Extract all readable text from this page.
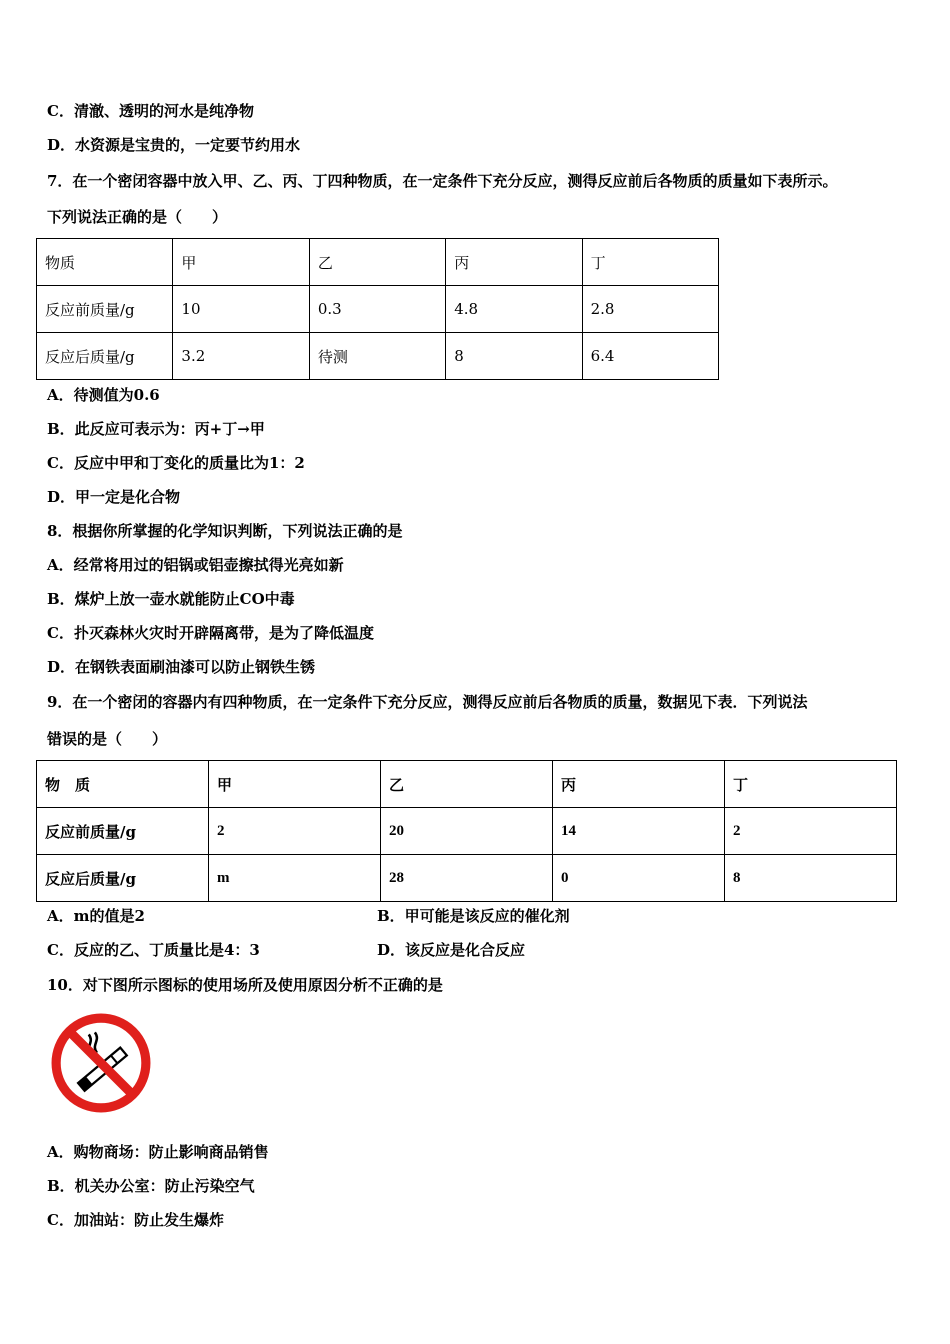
C．清澈、透明的河水是纯净物
D．水资源是宝贵的，一定要节约用水
7．在一个密闭容器中放入甲、乙、丙、丁四种物质，在一定条件下充分反应，测得反应前后各物质的质量如下表所示。
下列说法正确的是（　　）
物质	甲	乙	丙	丁
反应前质量/g	10	0.3	4.8	2.8
反应后质量/g	3.2	待测	8	6.4
A．待测值为0.6
B．此反应可表示为：丙+丁→甲
C．反应中甲和丁变化的质量比为1：2
D．甲一定是化合物
8．根据你所掌握的化学知识判断，下列说法正确的是
A．经常将用过的铝锅或铝壶擦拭得光亮如新
B．煤炉上放一壶水就能防止CO中毒
C．扑灭森林火灾时开辟隔离带，是为了降低温度
D．在钢铁表面刷油漆可以防止钢铁生锈
9．在一个密闭的容器内有四种物质，在一定条件下充分反应，测得反应前后各物质的质量，数据见下表．下列说法
错误的是（　　）
物　质	甲	乙	丙	丁
反应前质量/g	2	20	14	2
反应后质量/g	m	28	0	8
A．m的值是2	B．甲可能是该反应的催化剂
C．反应的乙、丁质量比是4：3	D．该反应是化合反应
10．对下图所示图标的使用场所及使用原因分析不正确的是
A．购物商场：防止影响商品销售
B．机关办公室：防止污染空气
C．加油站：防止发生爆炸
